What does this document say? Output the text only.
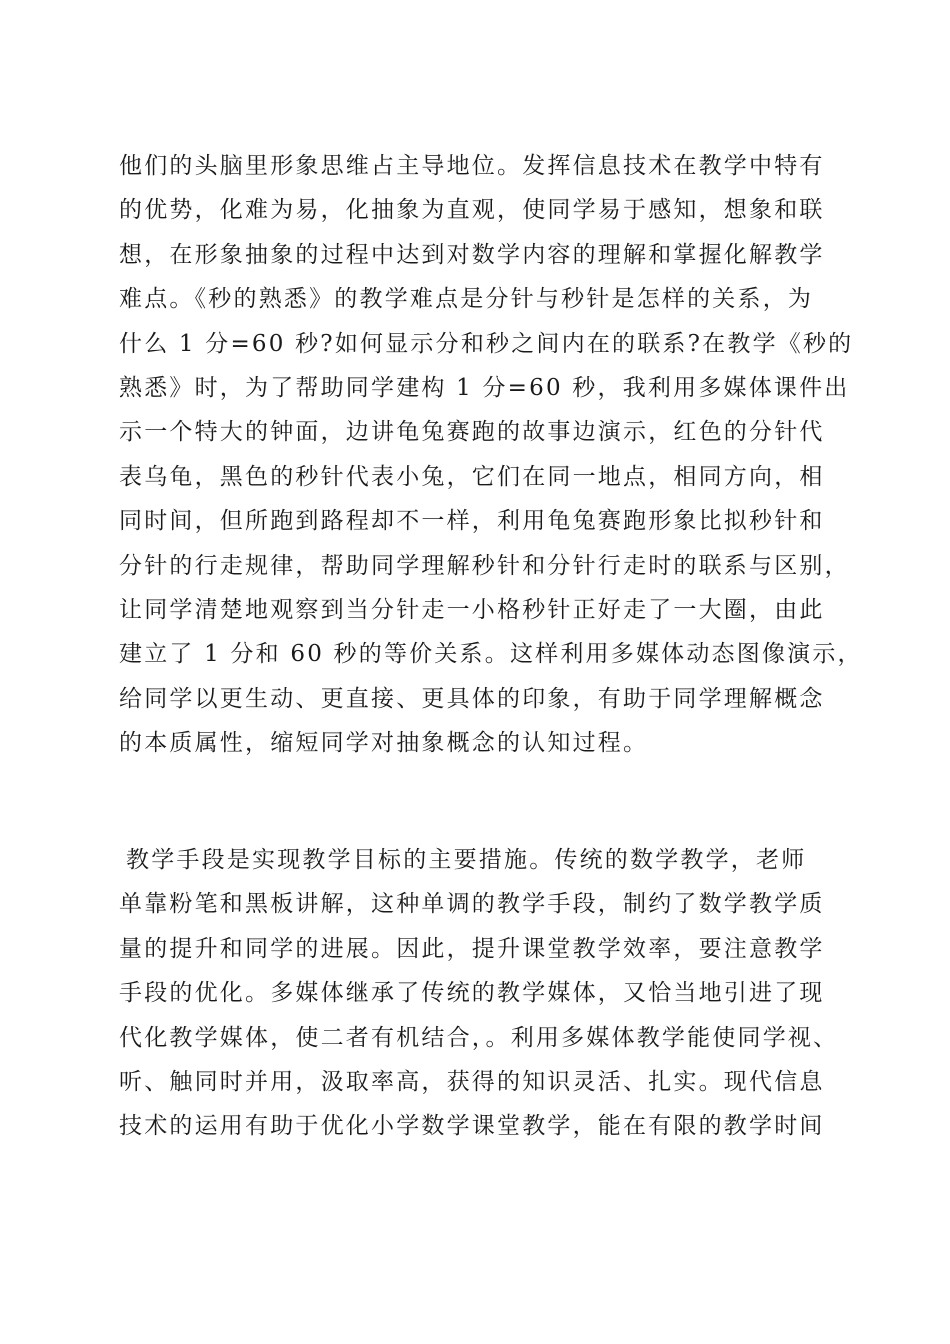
他们的头脑里形象思维占主导地位。发挥信息技术在教学中特有
的优势，化难为易，化抽象为直观，使同学易于感知，想象和联
想，在形象抽象的过程中达到对数学内容的理解和掌握化解教学
难点。《秒的熟悉》的教学难点是分针与秒针是怎样的关系，为
什么 1 分=60 秒?如何显示分和秒之间内在的联系?在教学《秒的
熟悉》时，为了帮助同学建构 1 分=60 秒，我利用多媒体课件出
示一个特大的钟面，边讲龟兔赛跑的故事边演示，红色的分针代
表乌龟，黑色的秒针代表小兔，它们在同一地点，相同方向，相
同时间，但所跑到路程却不一样，利用龟兔赛跑形象比拟秒针和
分针的行走规律，帮助同学理解秒针和分针行走时的联系与区别，
让同学清楚地观察到当分针走一小格秒针正好走了一大圈，由此
建立了 1 分和 60 秒的等价关系。这样利用多媒体动态图像演示，
给同学以更生动、更直接、更具体的印象，有助于同学理解概念
的本质属性，缩短同学对抽象概念的认知过程。
教学手段是实现教学目标的主要措施。传统的数学教学，老师
单靠粉笔和黑板讲解，这种单调的教学手段，制约了数学教学质
量的提升和同学的进展。因此，提升课堂教学效率，要注意教学
手段的优化。多媒体继承了传统的教学媒体，又恰当地引进了现
代化教学媒体，使二者有机结合，。利用多媒体教学能使同学视、
听、触同时并用，汲取率高，获得的知识灵活、扎实。现代信息
技术的运用有助于优化小学数学课堂教学，能在有限的教学时间
